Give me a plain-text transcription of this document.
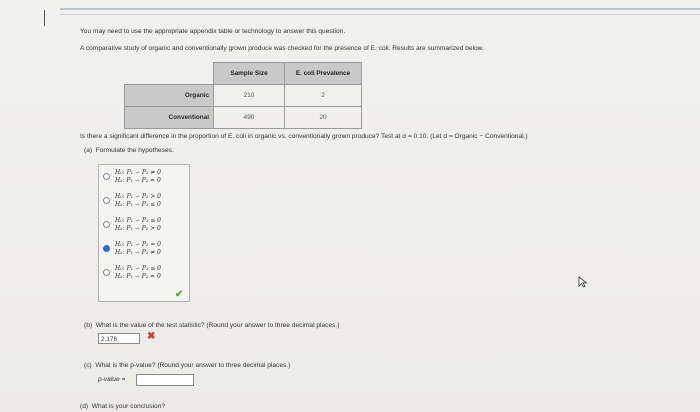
You may need to use the appropriate appendix table or technology to answer this question.
A comparative study of organic and conventionally grown produce was checked for the presence of E. coli. Results are summarized below.
	Sample Size	E. coli Prevalence
Organic	210	2
Conventional	490	20
Is there a significant difference in the proportion of E. coli in organic vs. conventionally grown produce? Test at α = 0.10. (Let d = Organic − Conventional.)
(a) Formulate the hypotheses.
H₀: P₁ − P₂ ≠ 0
Hₐ: P₁ − P₂ = 0
H₀: P₁ − P₂ > 0
Hₐ: P₁ − P₂ ≤ 0
H₀: P₁ − P₂ ≤ 0
Hₐ: P₁ − P₂ > 0
H₀: P₁ − P₂ = 0
Hₐ: P₁ − P₂ ≠ 0
H₀: P₁ − P₂ ≤ 0
Hₐ: P₁ − P₂ = 0
✔
(b) What is the value of the test statistic? (Round your answer to three decimal places.)
2.176	✖
(c) What is the p-value? (Round your answer to three decimal places.)
p-value =
(d) What is your conclusion?
